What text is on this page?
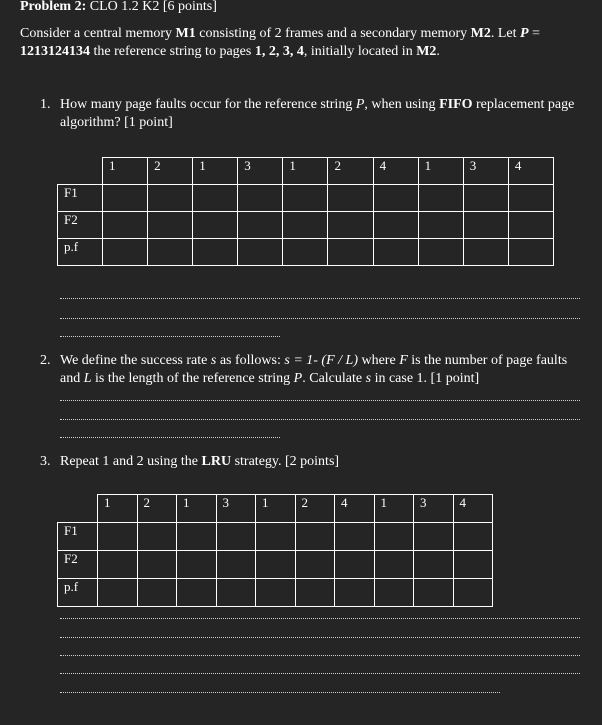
Problem 2: CLO 1.2 K2 [6 points]
Consider a central memory M1 consisting of 2 frames and a secondary memory M2. Let P = 1213124134 the reference string to pages 1, 2, 3, 4, initially located in M2.
1. How many page faults occur for the reference string P, when using FIFO replacement page algorithm? [1 point]
	1	2	1	3	1	2	4	1	3	4
F1										
F2										
p.f										
2. We define the success rate s as follows: s = 1- (F / L) where F is the number of page faults and L is the length of the reference string P. Calculate s in case 1. [1 point]
3. Repeat 1 and 2 using the LRU strategy. [2 points]
	1	2	1	3	1	2	4	1	3	4
F1										
F2										
p.f										
